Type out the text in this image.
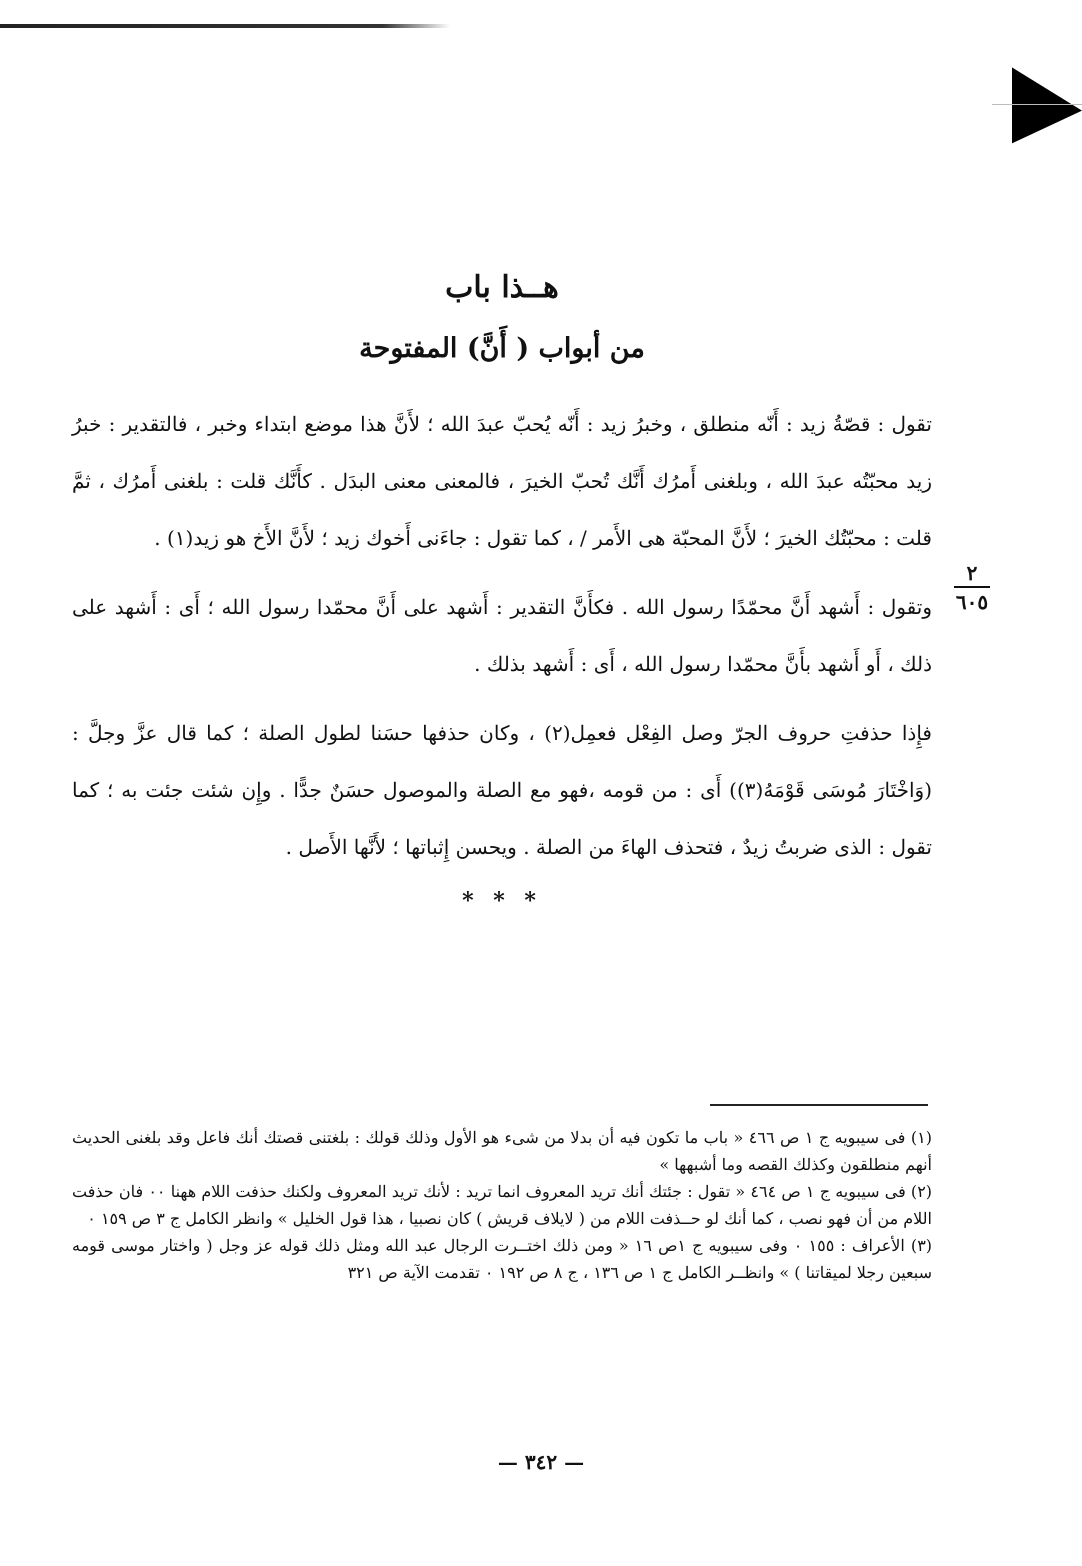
هــذا باب
من أبواب ( أَنَّ) المفتوحة

تقول : قصّةُ زيد : أَنّه منطلق ، وخبرُ زيد : أَنّه يُحبّ عبدَ الله ؛ لأَنَّ هذا موضع ابتداء وخبر ، فالتقدير : خبرُ زيد محبّتُه عبدَ الله ، وبلغنى أَمرُك أَنَّك تُحبّ الخيرَ ، فالمعنى معنى البدَل . كأَنَّك قلت : بلغنى أَمرُك ، ثمَّ قلت : محبّتُك الخيرَ ؛ لأَنَّ المحبّة هى الأَمر / ، كما تقول : جاءَنى أَخوك زيد ؛ لأَنَّ الأَخ هو زيد(١) .

وتقول : أَشهد أَنَّ محمّدًا رسول الله . فكأَنَّ التقدير : أَشهد على أَنَّ محمّدا رسول الله ؛ أَى : أَشهد على ذلك ، أَو أَشهد بأَنَّ محمّدا رسول الله ، أَى : أَشهد بذلك .

فإِذا حذفتِ حروف الجرّ وصل الفِعْل فعمِل(٢) ، وكان حذفها حسَنا لطول الصلة ؛ كما قال عزَّ وجلَّ : (وَاخْتَارَ مُوسَى قَوْمَهُ(٣)) أَى : من قومه ،فهو مع الصلة والموصول حسَنٌ جدًّا . وإِن شئت جئت به ؛ كما تقول : الذى ضربتُ زيدٌ ، فتحذف الهاءَ من الصلة . ويحسن إِثباتها ؛ لأَنَّها الأَصل .

* * *
٢
٦٠٥

(١) فى سيبويه ج ١ ص ٤٦٦ « باب ما تكون فيه أن بدلا من شىء هو الأول وذلك قولك : بلغتنى قصتك أنك فاعل وقد بلغنى الحديث أنهم منطلقون وكذلك القصه وما أشبهها »

(٢) فى سيبويه ج ١ ص ٤٦٤ « تقول : جئتك أنك تريد المعروف انما تريد : لأنك تريد المعروف ولكنك حذفت اللام ههنا ٠٠ فان حذفت اللام من أن فهو نصب ، كما أنك لو حــذفت اللام من ( لايلاف قريش ) كان نصبيا ، هذا قول الخليل » وانظر الكامل ج ٣ ص ١٥٩ ٠

(٣) الأعراف : ١٥٥ ٠ وفى سيبويه ج ١ص ١٦ « ومن ذلك اختــرت الرجال عبد الله ومثل ذلك قوله عز وجل ( واختار موسى قومه سبعين رجلا لميقاتنا ) » وانظــر الكامل ج ١ ص ١٣٦ ، ج ٨ ص ١٩٢ ٠ تقدمت الآية ص ٣٢١

— ٣٤٢ —
